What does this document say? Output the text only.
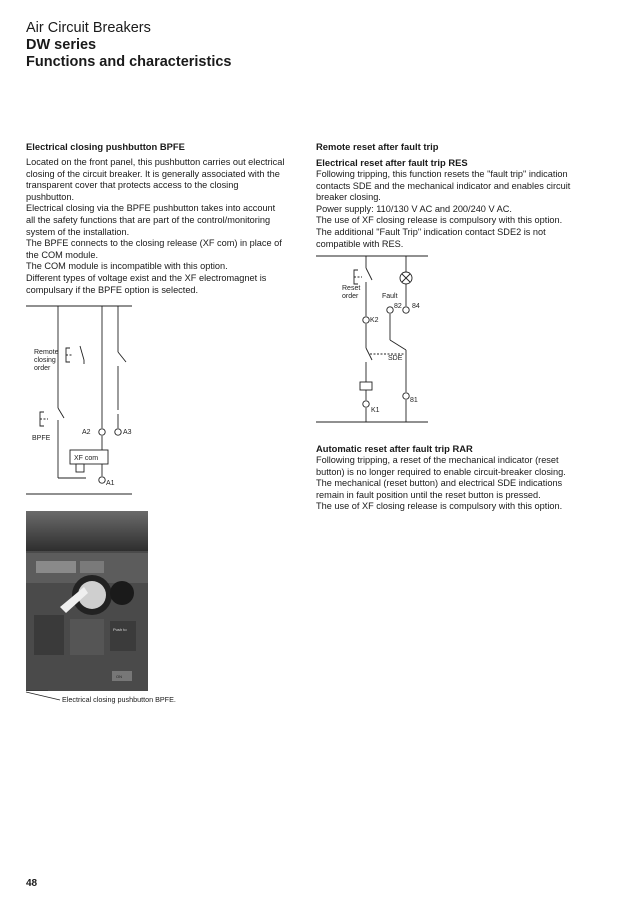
Air Circuit Breakers
DW series
Functions and characteristics
Electrical closing pushbutton BPFE

Located on the front panel, this pushbutton carries out electrical

closing of the circuit breaker. It is generally associated with the

transparent cover that protects access to the closing

pushbutton.

Electrical closing via the BPFE pushbutton takes into account

all the safety functions that are part of the control/monitoring

system of the installation.

The BPFE connects to the closing release (XF com) in place of

the COM module.

The COM module is incompatible with this option.

Different types of voltage exist and the XF electromagnet is

compulsary if the BPFE option is selected.

Remote
closing
order
BPFE
A2	A3
XF com
A1
Push to
ON
Electrical closing pushbutton BPFE.
Remote reset after fault trip
Electrical reset after fault trip RES

Following tripping, this function resets the "fault trip" indication

contacts SDE and the mechanical indicator and enables circuit

breaker closing.

Power supply: 110/130 V AC and 200/240 V AC.

The use of XF closing release is compulsory with this option.

The additional "Fault Trip" indication contact SDE2 is not

compatible with RES.

Reset
order	Fault
82 84
K2
SDE
81
K1
Automatic reset after fault trip RAR

Following tripping, a reset of the mechanical indicator (reset

button) is no longer required to enable circuit-breaker closing.

The mechanical (reset button) and electrical SDE indications

remain in fault position until the reset button is pressed.

The use of XF closing release is compulsory with this option.

48
